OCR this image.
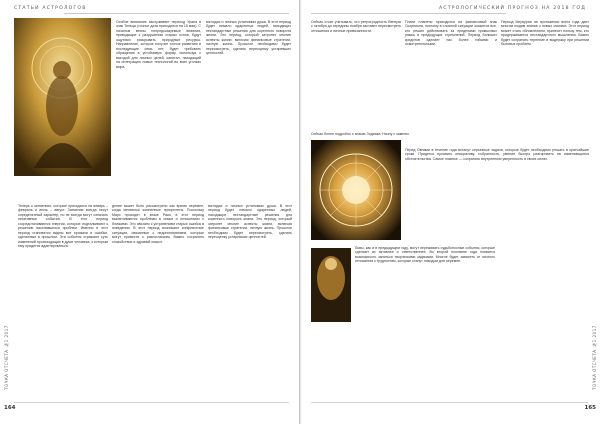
СТАТЬИ АСТРОЛОГОВ
Особое внимание заслуживает переход Урана в знак Тельца (точное дата приходится на 15 мая). С началом весны непредсказуемые влияния, приводящие к разрушению старых основ, будут ощутимо раскрывать природные ресурсы. Направление, которое получит толчок развитию в последующие семь лет, будет требовать обращения в устойчивую форму, используя с выгодой для личных целей, капитал, находящий на интеграцию новых технологий во всех уголках мира.
взглядах и личных установках души. В этот период будет немало одаренных людей, находящих нестандартные решения для коренного поворота жизни. Это период, который затронет многие аспекты жизни, включая финансовые стратегии, личную жизнь. Прошлое необходимо будет пересмотреть, сделать переоценку устаревших ценностей.
Теперь о затмениях, которые приходятся на январь – февраль и июль – август. Затмения всегда несут определенный характер, но не всегда могут означать негативные события. В этот период сосредотачиваются энергии, которые подталкивают к решению накопившихся проблем. Именно в этот период становятся видны все промахи и ошибки, сделанные в прошлом. Эти события отражают суть изменений происходящих в душе человека, к которым ему придется адаптироваться.
дение может быть рассмотрено как время перемен, когда меняются жизненные приоритеты. Поскольку Марс проходит в знаке Рака, в этот период высвечиваются проблемы в семье и отношениях с близкими. Это связано с устранением старых ошибок в поведении. В этот период возникают конфликтные ситуации, связанные с недопониманием, которые могут привести к разногласиям. Важно сохранять спокойствие и здравый смысл.
взглядах и личных установках души. В этот период будет немало одаренных людей, находящих нестандартные решения для коренного поворота жизни. Это период, который затронет многие аспекты жизни, включая финансовые стратегии, личную жизнь. Прошлое необходимо будет пересмотреть, сделать переоценку устаревших ценностей.
ТОЧКА ОТСЧЕТА №1 2017
164
АСТРОЛОГИЧЕСКИЙ ПРОГНОЗ НА 2018 ГОД
Сейчас стоит учитывать, что ретроградность Венеры с октября до середины ноября заставит пересмотреть отношения и личные привязанности.
Плати планеты приходится на финансовый знак Скорпиона, поэтому в сложной ситуации окажется все, кто решил действовать за пределами привычных рамок и предыдущих стремлений. Период больших кредитов сделает нас более гибкими и осмотрительными.
Период Меркурия на протяжении всего года дает многим людям знание о новых знаниях. Этот период может стать обновлением, принесет пользу тем, кто придерживается нестандартного мышления. Важно будет сохранять терпение и выдержку при решении бытовых проблем.
Сейчас более подробно о знаках Зодиака. Начну с замены.
Перед Овнами в течение года встанут серьезные задачи, которые будет необходимо решать в кратчайшие сроки. Придется проявить инициативу, собранность, умение быстро реагировать на изменяющиеся обстоятельства. Самое главное — сохранять внутреннюю уверенность в своих силах.
Львы, как и в предыдущем году, могут переживать судьбоносные события, которые сделают их активнее и ответственнее. Во второй половине года появится возможность заняться творческими задачами. Многое будет зависеть от личного отношения к трудностям, которые станут поводом для перемен.
ТОЧКА ОТСЧЕТА №1 2017
165
